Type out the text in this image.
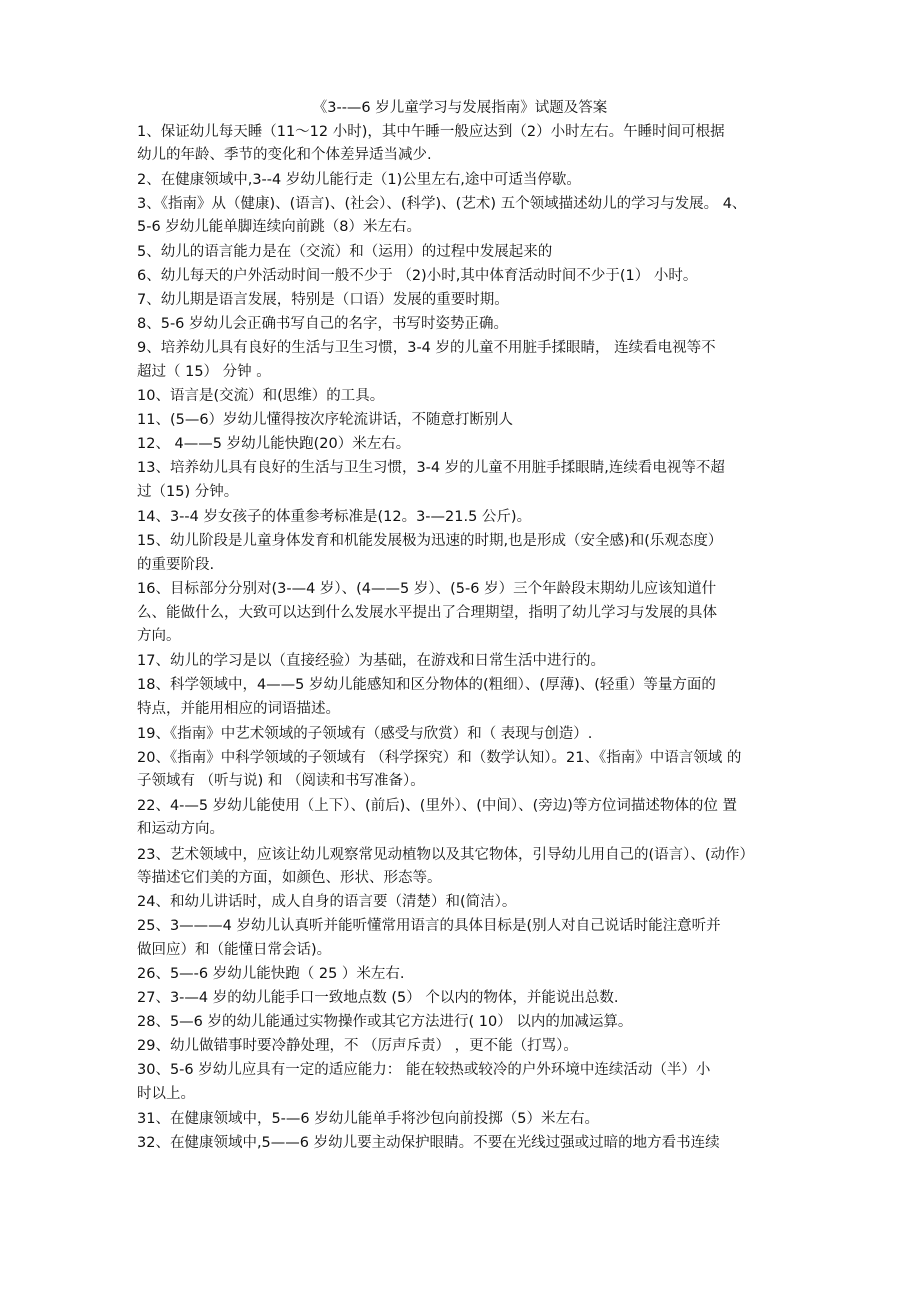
《3--—6 岁儿童学习与发展指南》试题及答案
1、保证幼儿每天睡（11～12 小时)，其中午睡一般应达到（2）小时左右。午睡时间可根据
幼儿的年龄、季节的变化和个体差异适当减少.
2、在健康领域中,3--4 岁幼儿能行走（1)公里左右,途中可适当停歇。
3、《指南》从（健康)、(语言)、(社会）、(科学)、(艺术) 五个领域描述幼儿的学习与发展。 4、
5-6 岁幼儿能单脚连续向前跳（8）米左右。
5、幼儿的语言能力是在（交流）和（运用）的过程中发展起来的
6、幼儿每天的户外活动时间一般不少于 （2)小时,其中体育活动时间不少于(1） 小时。
7、幼儿期是语言发展，特别是（口语）发展的重要时期。
8、5-6 岁幼儿会正确书写自己的名字，书写时姿势正确。
9、培养幼儿具有良好的生活与卫生习惯，3-4 岁的儿童不用脏手揉眼睛， 连续看电视等不
超过（ 15） 分钟 。
10、语言是(交流）和(思维）的工具。
11、(5—6）岁幼儿懂得按次序轮流讲话，不随意打断别人
12、 4——5 岁幼儿能快跑(20）米左右。
13、培养幼儿具有良好的生活与卫生习惯，3-4 岁的儿童不用脏手揉眼睛,连续看电视等不超
过（15) 分钟。
14、3--4 岁女孩子的体重参考标准是(12。3-—21.5 公斤)。
15、幼儿阶段是儿童身体发育和机能发展极为迅速的时期,也是形成（安全感)和(乐观态度）
的重要阶段.
16、目标部分分别对(3-—4 岁）、(4——5 岁）、(5-6 岁）三个年龄段末期幼儿应该知道什
么、能做什么，大致可以达到什么发展水平提出了合理期望，指明了幼儿学习与发展的具体
方向。
17、幼儿的学习是以（直接经验）为基础，在游戏和日常生活中进行的。
18、科学领域中，4——5 岁幼儿能感知和区分物体的(粗细）、(厚薄)、(轻重）等量方面的
特点，并能用相应的词语描述。
19、《指南》中艺术领域的子领域有（感受与欣赏）和（ 表现与创造）.
20、《指南》中科学领域的子领域有 （科学探究）和（数学认知）。21、《指南》中语言领域 的
子领域有 （听与说) 和 （阅读和书写准备）。
22、4-—5 岁幼儿能使用（上下）、(前后)、(里外）、(中间）、(旁边)等方位词描述物体的位 置
和运动方向。
23、艺术领域中，应该让幼儿观察常见动植物以及其它物体，引导幼儿用自己的(语言）、(动作）
等描述它们美的方面，如颜色、形状、形态等。
24、和幼儿讲话时，成人自身的语言要（清楚）和(简洁）。
25、3———4 岁幼儿认真听并能听懂常用语言的具体目标是(别人对自己说话时能注意听并
做回应）和（能懂日常会话)。
26、5—-6 岁幼儿能快跑（ 25 ）米左右.
27、3-—4 岁的幼儿能手口一致地点数 (5） 个以内的物体，并能说出总数.
28、5—6 岁的幼儿能通过实物操作或其它方法进行( 10） 以内的加减运算。
29、幼儿做错事时要冷静处理，不 （厉声斥责） ，更不能（打骂）。
30、5-6 岁幼儿应具有一定的适应能力： 能在较热或较冷的户外环境中连续活动（半）小
时以上。
31、在健康领域中，5-—6 岁幼儿能单手将沙包向前投掷（5）米左右。
32、在健康领域中,5——6 岁幼儿要主动保护眼睛。不要在光线过强或过暗的地方看书连续
